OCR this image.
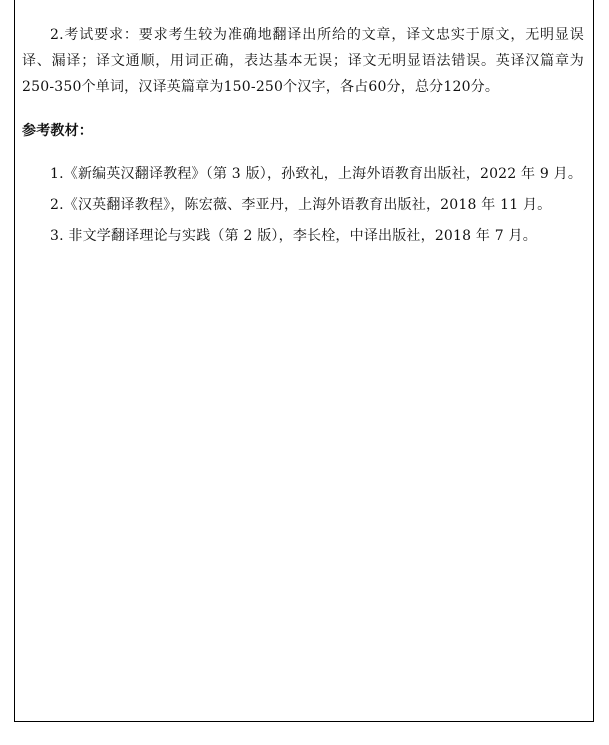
2.考试要求：要求考生较为准确地翻译出所给的文章，译文忠实于原文，无明显误译、漏译；译文通顺，用词正确，表达基本无误；译文无明显语法错误。英译汉篇章为250-350个单词，汉译英篇章为150-250个汉字，各占60分，总分120分。

参考教材：
1.《新编英汉翻译教程》（第 3 版），孙致礼，上海外语教育出版社，2022 年 9 月。
2.《汉英翻译教程》，陈宏薇、李亚丹，上海外语教育出版社，2018 年 11 月。
3. 非文学翻译理论与实践（第 2 版），李长栓，中译出版社，2018 年 7 月。
